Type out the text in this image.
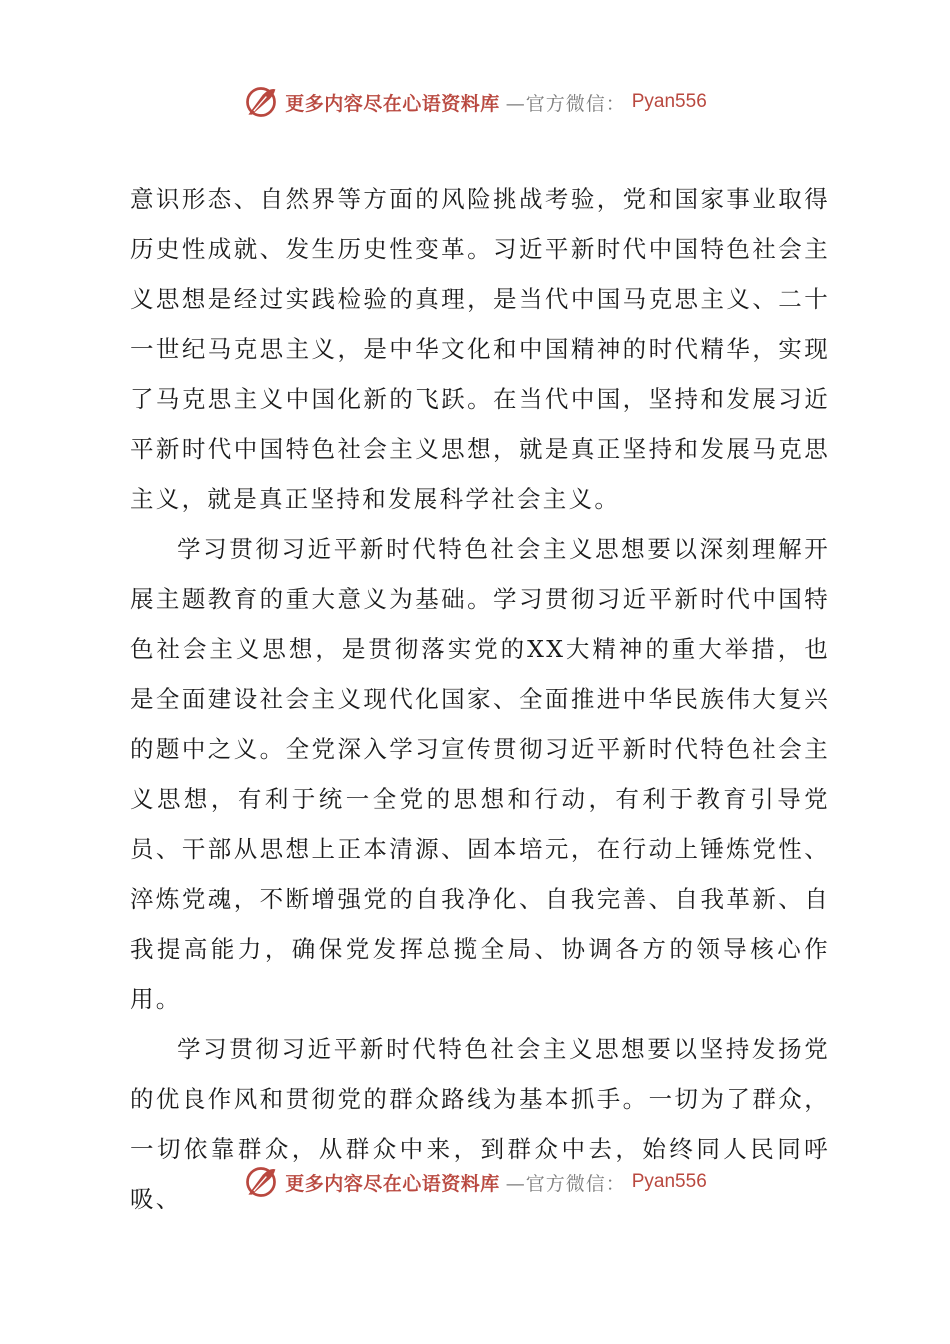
更多内容尽在心语资料库 —官方微信： Pyan556

意识形态、自然界等方面的风险挑战考验，党和国家事业取得历史性成就、发生历史性变革。习近平新时代中国特色社会主义思想是经过实践检验的真理，是当代中国马克思主义、二十一世纪马克思主义，是中华文化和中国精神的时代精华，实现了马克思主义中国化新的飞跃。在当代中国，坚持和发展习近平新时代中国特色社会主义思想，就是真正坚持和发展马克思主义，就是真正坚持和发展科学社会主义。

学习贯彻习近平新时代特色社会主义思想要以深刻理解开展主题教育的重大意义为基础。学习贯彻习近平新时代中国特色社会主义思想，是贯彻落实党的XX大精神的重大举措，也是全面建设社会主义现代化国家、全面推进中华民族伟大复兴的题中之义。全党深入学习宣传贯彻习近平新时代特色社会主义思想，有利于统一全党的思想和行动，有利于教育引导党员、干部从思想上正本清源、固本培元，在行动上锤炼党性、淬炼党魂，不断增强党的自我净化、自我完善、自我革新、自我提高能力，确保党发挥总揽全局、协调各方的领导核心作用。

学习贯彻习近平新时代特色社会主义思想要以坚持发扬党的优良作风和贯彻党的群众路线为基本抓手。一切为了群众，一切依靠群众，从群众中来，到群众中去，始终同人民同呼吸、

更多内容尽在心语资料库 —官方微信： Pyan556
